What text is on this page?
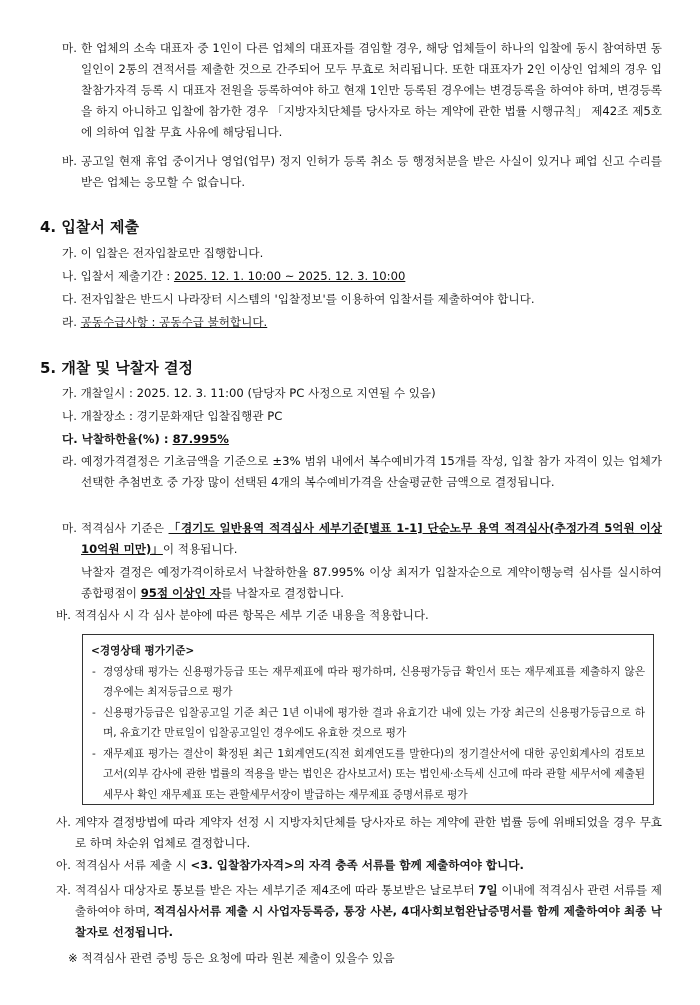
마. 한 업체의 소속 대표자 중 1인이 다른 업체의 대표자를 겸임할 경우, 해당 업체들이 하나의 입찰에 동시 참여하면 동일인이 2통의 견적서를 제출한 것으로 간주되어 모두 무효로 처리됩니다. 또한 대표자가 2인 이상인 업체의 경우 입찰참가자격 등록 시 대표자 전원을 등록하여야 하고 현재 1인만 등록된 경우에는 변경등록을 하여야 하며, 변경등록을 하지 아니하고 입찰에 참가한 경우 「지방자치단체를 당사자로 하는 계약에 관한 법률 시행규칙」 제42조 제5호에 의하여 입찰 무효 사유에 해당됩니다.
바. 공고일 현재 휴업 중이거나 영업(업무) 정지 인허가 등록 취소 등 행정처분을 받은 사실이 있거나 폐업 신고 수리를 받은 업체는 응모할 수 없습니다.
4. 입찰서 제출
가. 이 입찰은 전자입찰로만 집행합니다.
나. 입찰서 제출기간 : 2025. 12. 1. 10:00 ~ 2025. 12. 3. 10:00
다. 전자입찰은 반드시 나라장터 시스템의 '입찰정보'를 이용하여 입찰서를 제출하여야 합니다.
라. 공동수급사항 : 공동수급 불허합니다.
5. 개찰 및 낙찰자 결정
가. 개찰일시 : 2025. 12. 3. 11:00 (담당자 PC 사정으로 지연될 수 있음)
나. 개찰장소 : 경기문화재단 입찰집행관 PC
다. 낙찰하한율(%) : 87.995%
라. 예정가격결정은 기초금액을 기준으로 ±3% 범위 내에서 복수예비가격 15개를 작성, 입찰 참가 자격이 있는 업체가 선택한 추첨번호 중 가장 많이 선택된 4개의 복수예비가격을 산술평균한 금액으로 결정됩니다.
마. 적격심사 기준은 「경기도 일반용역 적격심사 세부기준[별표 1-1] 단순노무 용역 적격심사(추정가격 5억원 이상 10억원 미만)」이 적용됩니다.
낙찰자 결정은 예정가격이하로서 낙찰하한율 87.995% 이상 최저가 입찰자순으로 계약이행능력 심사를 실시하여 종합평점이 95점 이상인 자를 낙찰자로 결정합니다.
바. 적격심사 시 각 심사 분야에 따른 항목은 세부 기준 내용을 적용합니다.
<경영상태 평가기준>
- 경영상태 평가는 신용평가등급 또는 재무제표에 따라 평가하며, 신용평가등급 확인서 또는 재무제표를 제출하지 않은 경우에는 최저등급으로 평가
- 신용평가등급은 입찰공고일 기준 최근 1년 이내에 평가한 결과 유효기간 내에 있는 가장 최근의 신용평가등급으로 하며, 유효기간 만료일이 입찰공고일인 경우에도 유효한 것으로 평가
- 재무제표 평가는 결산이 확정된 최근 1회계연도(직전 회계연도를 말한다)의 정기결산서에 대한 공인회계사의 검토보고서(외부 감사에 관한 법률의 적용을 받는 법인은 감사보고서) 또는 법인세·소득세 신고에 따라 관할 세무서에 제출된 세무사 확인 재무제표 또는 관할세무서장이 발급하는 재무제표 증명서류로 평가
사. 계약자 결정방법에 따라 계약자 선정 시 지방자치단체를 당사자로 하는 계약에 관한 법률 등에 위배되었을 경우 무효로 하며 차순위 업체로 결정합니다.
아. 적격심사 서류 제출 시 <3. 입찰참가자격>의 자격 충족 서류를 함께 제출하여야 합니다.
자. 적격심사 대상자로 통보를 받은 자는 세부기준 제4조에 따라 통보받은 날로부터 7일 이내에 적격심사 관련 서류를 제출하여야 하며, 적격심사서류 제출 시 사업자등록증, 통장 사본, 4대사회보험완납증명서를 함께 제출하여야 최종 낙찰자로 선정됩니다.
※ 적격심사 관련 증빙 등은 요청에 따라 원본 제출이 있을수 있음
